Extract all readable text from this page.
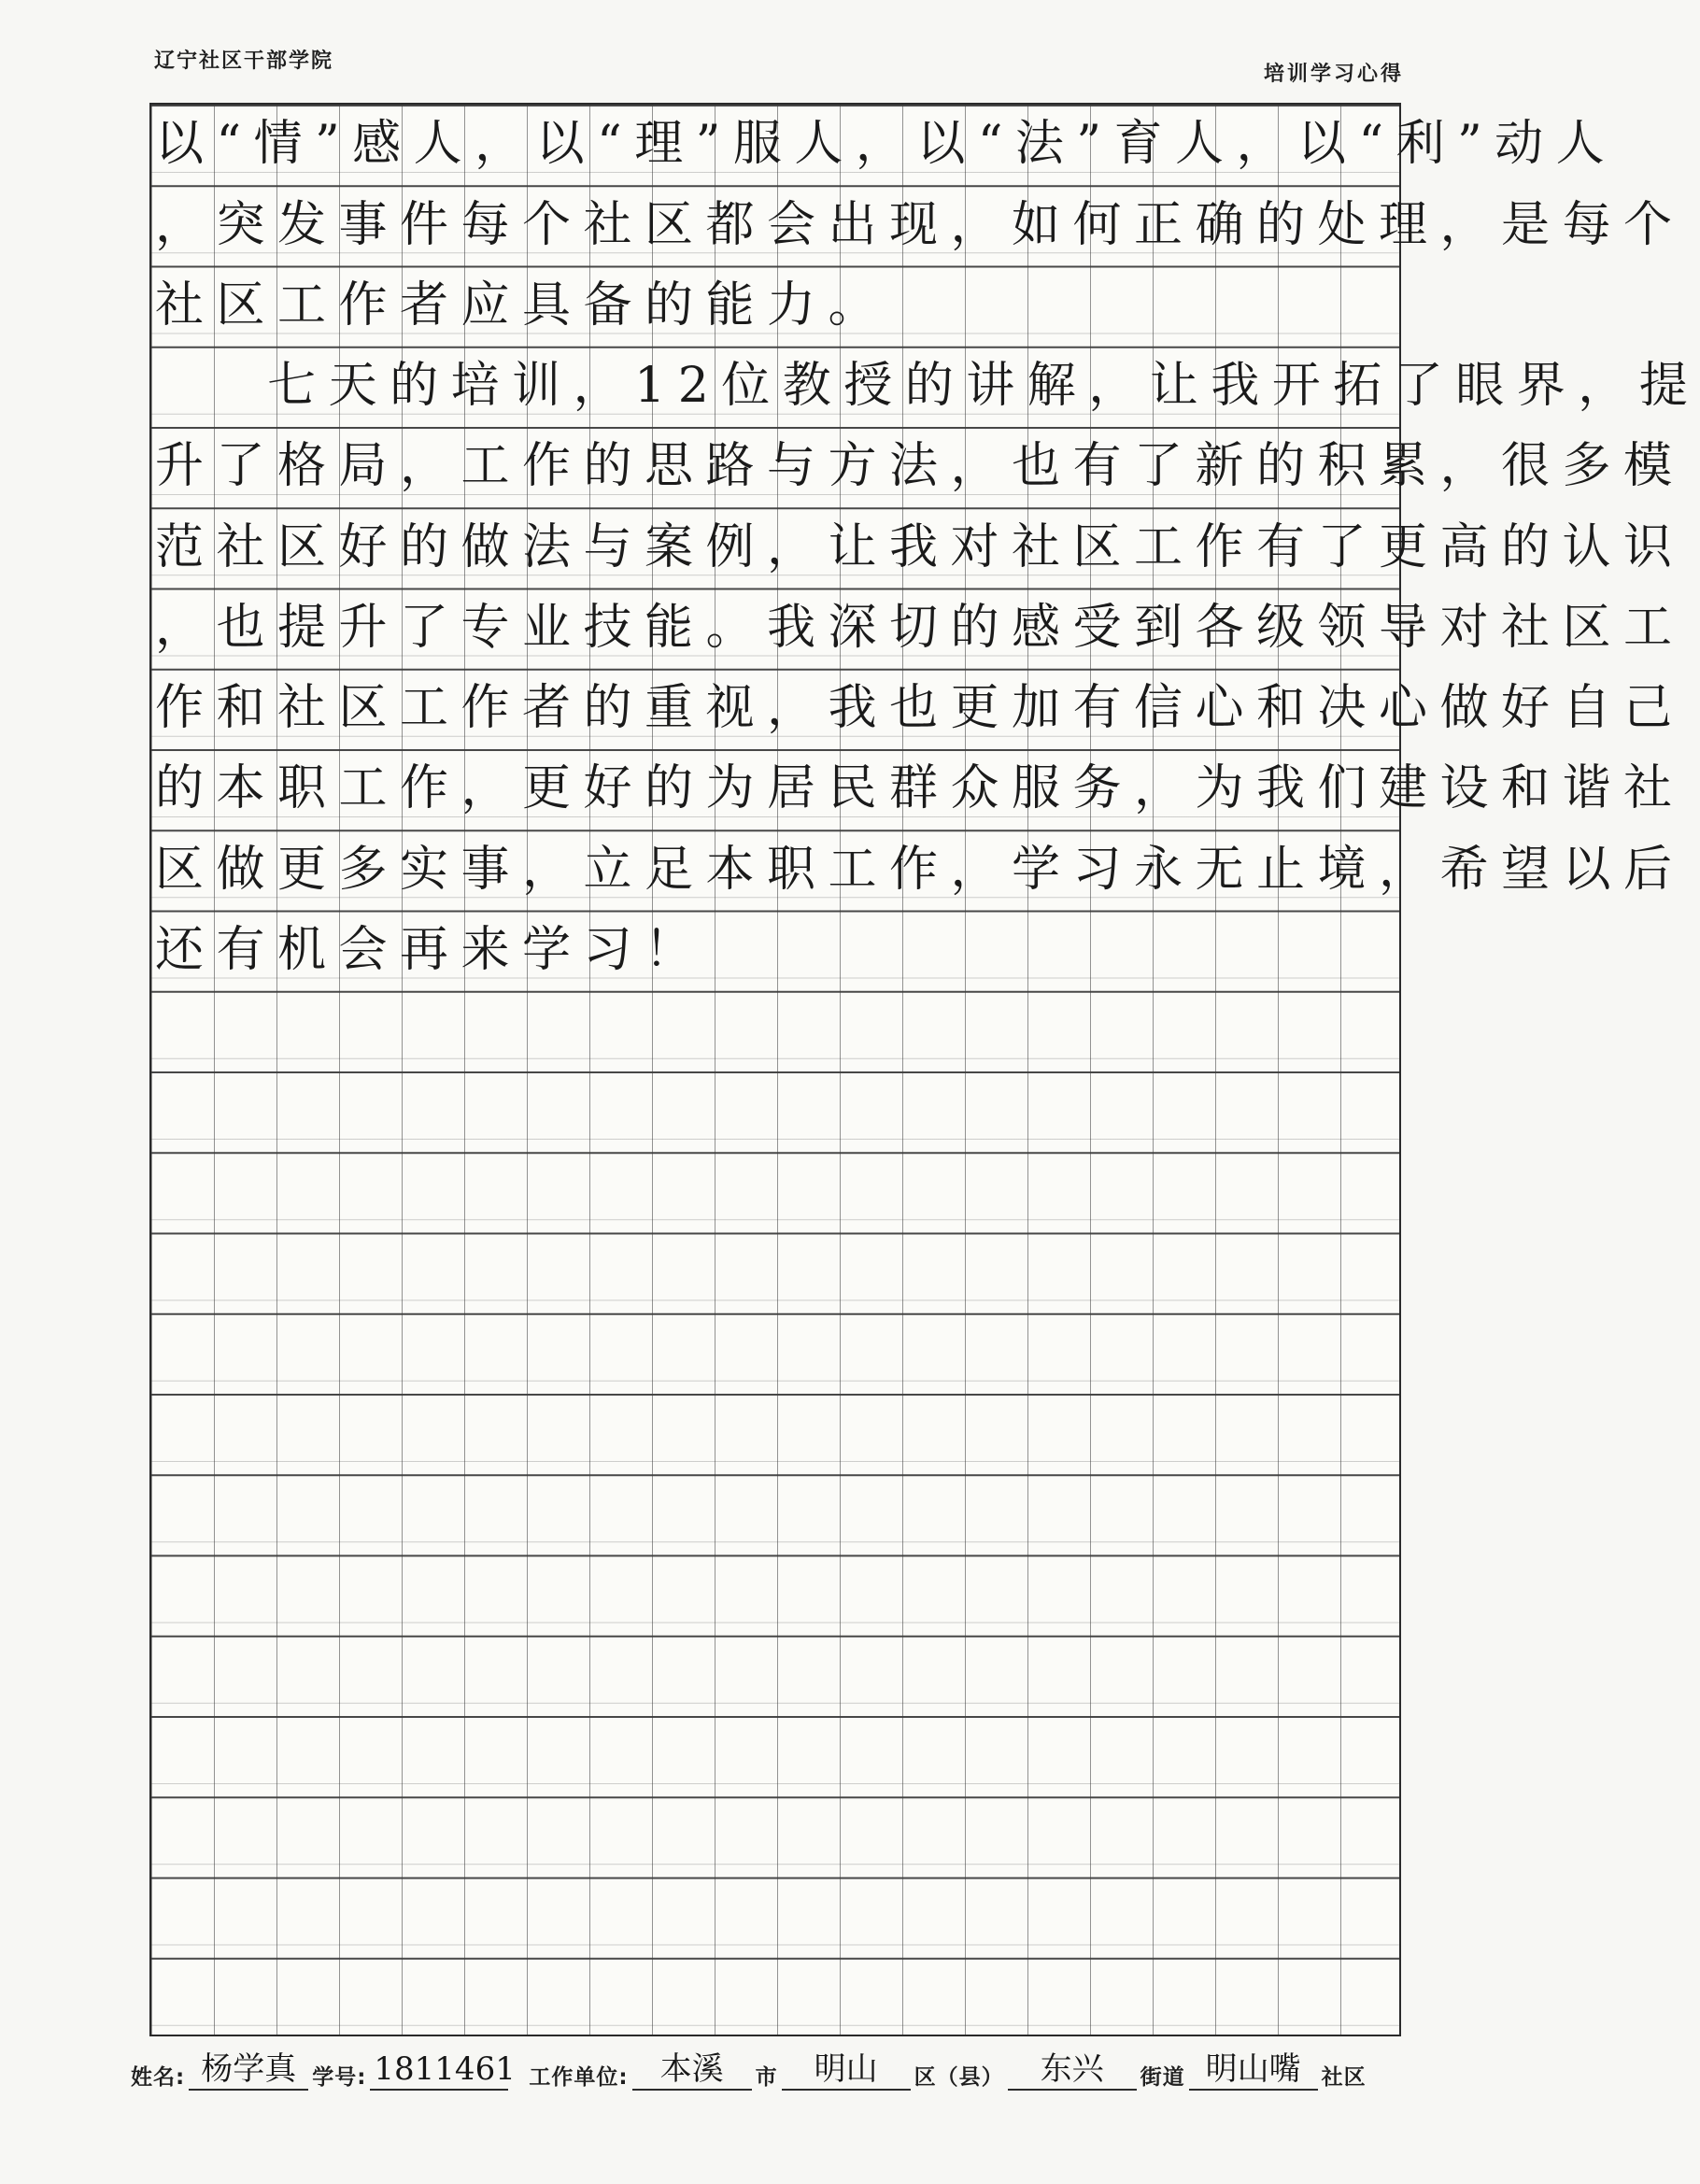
辽宁社区干部学院
培训学习心得
以“情”感人，以“理”服人，以“法”育人，以“利”动人
，突发事件每个社区都会出现，如何正确的处理，是每个
社区工作者应具备的能力。
七天的培训，12位教授的讲解，让我开拓了眼界，提
升了格局，工作的思路与方法，也有了新的积累，很多模
范社区好的做法与案例，让我对社区工作有了更高的认识
，也提升了专业技能。我深切的感受到各级领导对社区工
作和社区工作者的重视，我也更加有信心和决心做好自己
的本职工作，更好的为居民群众服务，为我们建设和谐社
区做更多实事，立足本职工作，学习永无止境，希望以后
还有机会再来学习！
姓名: 杨学真 学号: 1811461 工作单位:	本溪	市	明山	区（县）	东兴	街道 明山嘴 社区
